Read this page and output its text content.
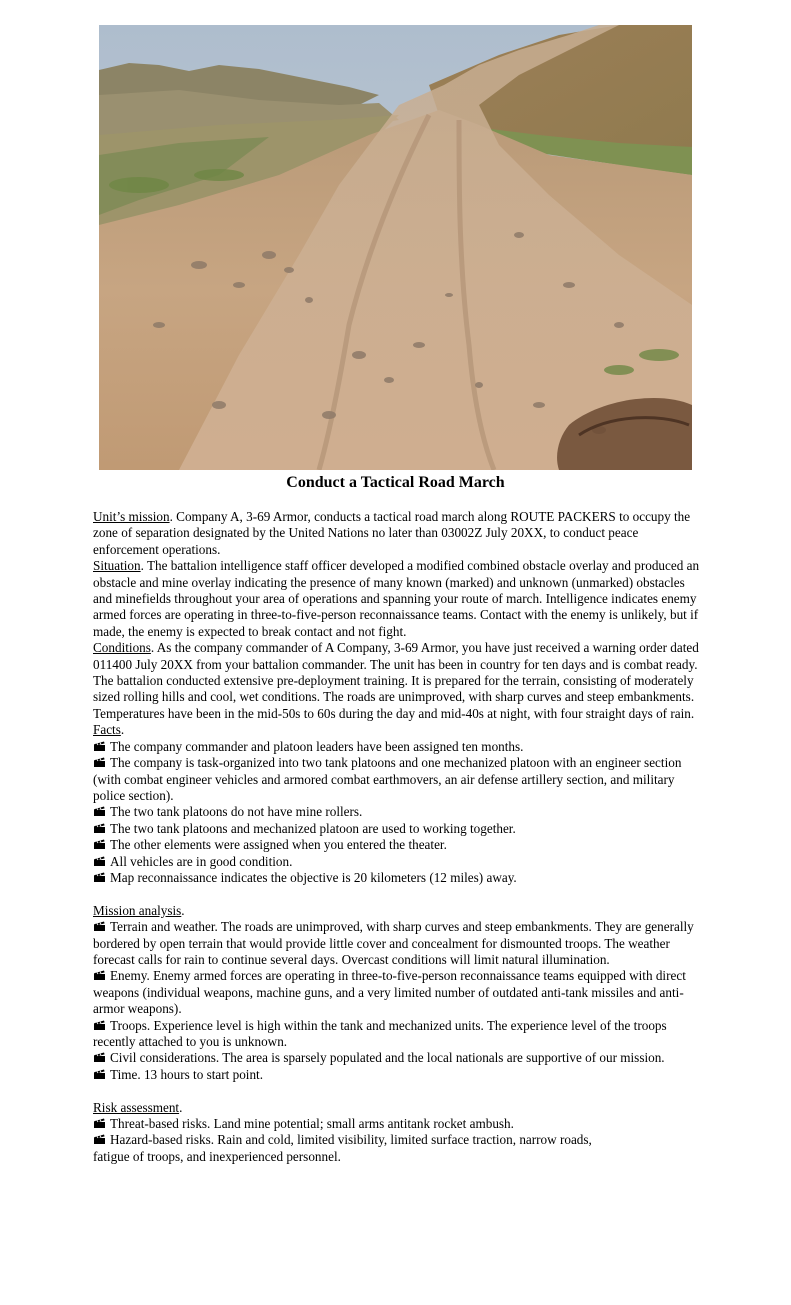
Conduct a Tactical Road March

Unit’s mission. Company A, 3-69 Armor, conducts a tactical road march along ROUTE PACKERS to occupy the zone of separation designated by the United Nations no later than 03002Z July 20XX, to conduct peace enforcement operations.

Situation. The battalion intelligence staff officer developed a modified combined obstacle overlay and produced an obstacle and mine overlay indicating the presence of many known (marked) and unknown (unmarked) obstacles and minefields throughout your area of operations and spanning your route of march. Intelligence indicates enemy armed forces are operating in three-to-five-person reconnaissance teams. Contact with the enemy is unlikely, but if made, the enemy is expected to break contact and not fight.

Conditions. As the company commander of A Company, 3-69 Armor, you have just received a warning order dated 011400 July 20XX from your battalion commander. The unit has been in country for ten days and is combat ready. The battalion conducted extensive pre-deployment training. It is prepared for the terrain, consisting of moderately sized rolling hills and cool, wet conditions. The roads are unimproved, with sharp curves and steep embankments. Temperatures have been in the mid-50s to 60s during the day and mid-40s at night, with four straight days of rain.

Facts.

The company commander and platoon leaders have been assigned ten months.
The company is task-organized into two tank platoons and one mechanized platoon with an engineer section (with combat engineer vehicles and armored combat earthmovers, an air defense artillery section, and military police section).
The two tank platoons do not have mine rollers.
The two tank platoons and mechanized platoon are used to working together.
The other elements were assigned when you entered the theater.
All vehicles are in good condition.
Map reconnaissance indicates the objective is 20 kilometers (12 miles) away.

Mission analysis.

Terrain and weather. The roads are unimproved, with sharp curves and steep embankments. They are generally bordered by open terrain that would provide little cover and concealment for dismounted troops. The weather forecast calls for rain to continue several days. Overcast conditions will limit natural illumination.
Enemy. Enemy armed forces are operating in three-to-five-person reconnaissance teams equipped with direct weapons (individual weapons, machine guns, and a very limited number of outdated anti-tank missiles and anti-armor weapons).
Troops. Experience level is high within the tank and mechanized units. The experience level of the troops recently attached to you is unknown.
Civil considerations. The area is sparsely populated and the local nationals are supportive of our mission.
Time. 13 hours to start point.

Risk assessment.

Threat-based risks. Land mine potential; small arms antitank rocket ambush.
Hazard-based risks. Rain and cold, limited visibility, limited surface traction, narrow roads, fatigue of troops, and inexperienced personnel.
